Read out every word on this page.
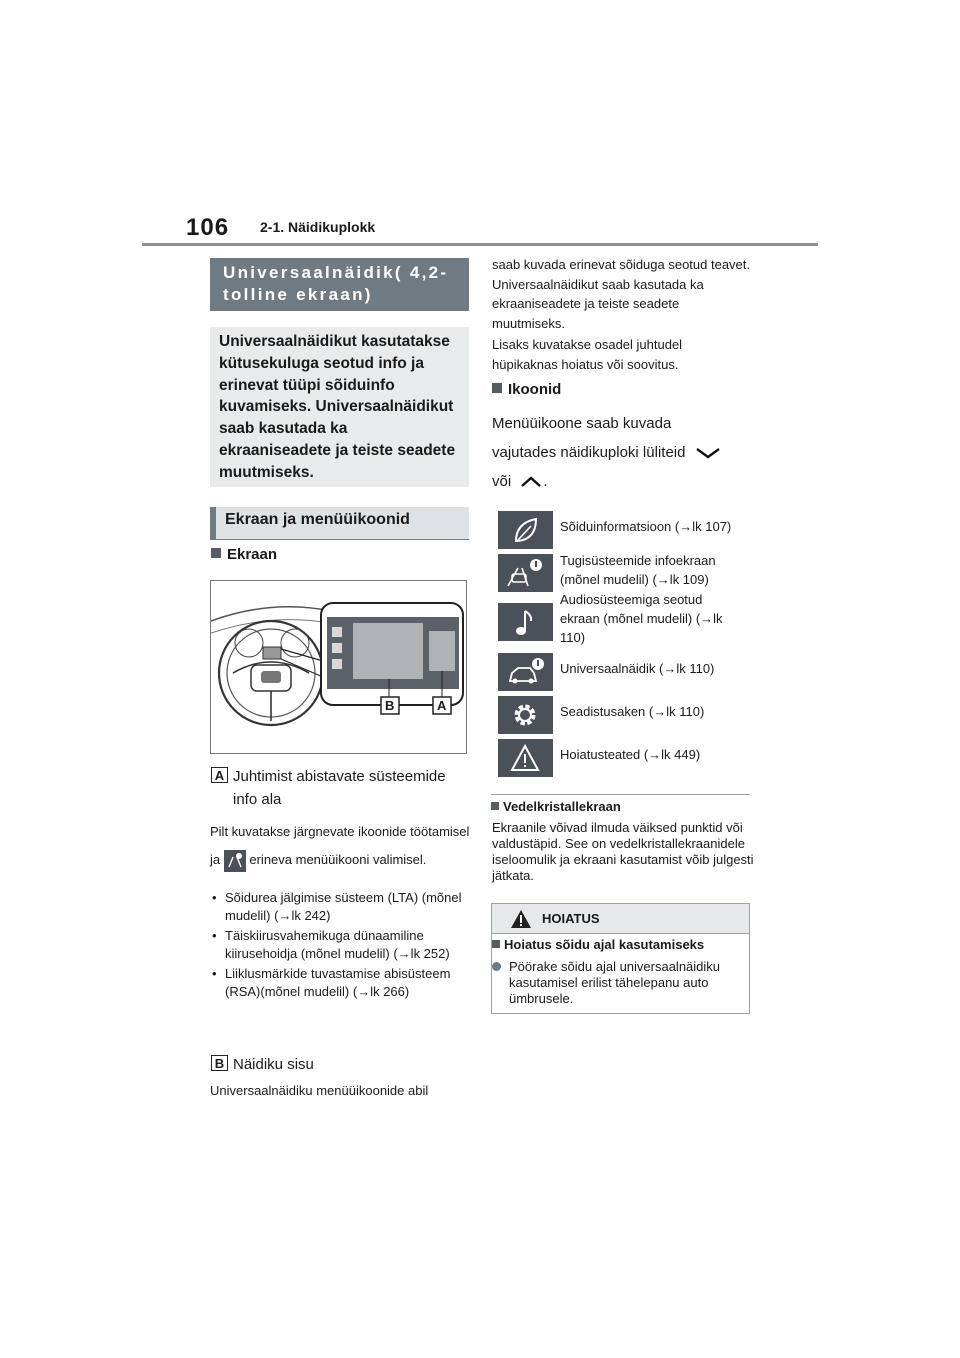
106 2-1. Näidikuplokk
Universaalnäidik( 4,2-tolline ekraan)
Universaalnäidikut kasutatakse kütusekuluga seotud info ja erinevat tüüpi sõiduinfo kuvamiseks. Universaalnäidikut saab kasutada ka ekraaniseadete ja teiste seadete muutmiseks.
Ekraan ja menüüikoonid
Ekraan
B	A
A Juhtimist abistavate süsteemide info ala
Pilt kuvatakse järgnevate ikoonide töötamisel ja erineva menüüikooni valimisel.
• Sõidurea jälgimise süsteem (LTA) (mõnel mudelil) (→lk 242)
• Täiskiirusvahemikuga dünaamiline kiirusehoidja (mõnel mudelil) (→lk 252)
• Liiklusmärkide tuvastamise abisüsteem (RSA)(mõnel mudelil) (→lk 266)
B Näidiku sisu
Universaalnäidiku menüüikoonide abil
saab kuvada erinevat sõiduga seotud teavet. Universaalnäidikut saab kasutada ka ekraaniseadete ja teiste seadete muutmiseks.
Lisaks kuvatakse osadel juhtudel hüpikaknas hoiatus või soovitus.
Ikoonid
Menüüikoone saab kuvada
vajutades näidikuploki lüliteid
või .
Sõiduinformatsioon (→lk 107)
Tugisüsteemide infoekraan (mõnel mudelil) (→lk 109)
Audiosüsteemiga seotud ekraan (mõnel mudelil) (→lk 110)
Universaalnäidik (→lk 110)
Seadistusaken (→lk 110)
Hoiatusteated (→lk 449)
Vedelkristallekraan
Ekraanile võivad ilmuda väiksed punktid või valdustäpid. See on vedelkristallekraanidele iseloomulik ja ekraani kasutamist võib julgesti jätkata.
HOIATUS
Hoiatus sõidu ajal kasutamiseks
Pöörake sõidu ajal universaalnäidiku kasutamisel erilist tähelepanu auto ümbrusele.
